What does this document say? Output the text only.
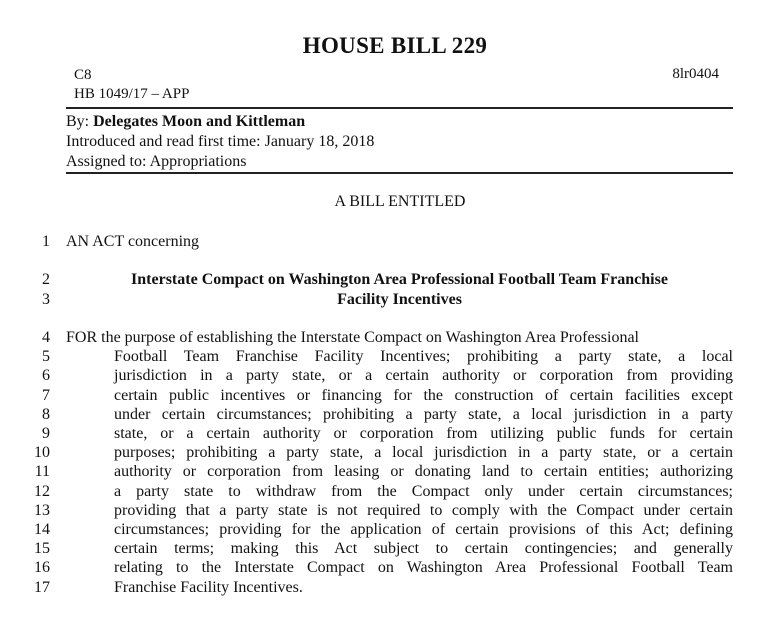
HOUSE BILL 229
C8
HB 1049/17 – APP
8lr0404
By: Delegates Moon and Kittleman
Introduced and read first time: January 18, 2018
Assigned to: Appropriations
A BILL ENTITLED
1
2
3
4
5
6
7
8
9
10
11
12
13
14
15
16
17
AN ACT concerning
Interstate Compact on Washington Area Professional Football Team Franchise
Facility Incentives
FOR the purpose of establishing the Interstate Compact on Washington Area Professional
Football Team Franchise Facility Incentives; prohibiting a party state, a local
jurisdiction in a party state, or a certain authority or corporation from providing
certain public incentives or financing for the construction of certain facilities except
under certain circumstances; prohibiting a party state, a local jurisdiction in a party
state, or a certain authority or corporation from utilizing public funds for certain
purposes; prohibiting a party state, a local jurisdiction in a party state, or a certain
authority or corporation from leasing or donating land to certain entities; authorizing
a party state to withdraw from the Compact only under certain circumstances;
providing that a party state is not required to comply with the Compact under certain
circumstances; providing for the application of certain provisions of this Act; defining
certain terms; making this Act subject to certain contingencies; and generally
relating to the Interstate Compact on Washington Area Professional Football Team
Franchise Facility Incentives.
